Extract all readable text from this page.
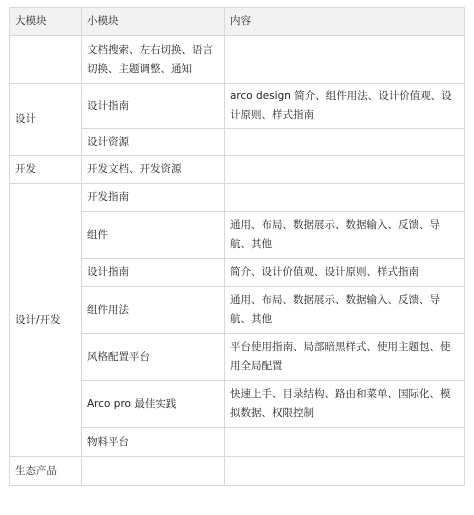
大模块	小模块	内容
	文档搜索、左右切换、语言切换、主题调整、通知	
设计	设计指南	arco design 简介、组件用法、设计价值观、设计原则、样式指南
	设计资源	
开发	开发文档、开发资源	
设计/开发	开发指南	
	组件	通用、布局、数据展示、数据输入、反馈、导航、其他
	设计指南	简介、设计价值观、设计原则、样式指南
	组件用法	通用、布局、数据展示、数据输入、反馈、导航、其他
	风格配置平台	平台使用指南、局部暗黑样式、使用主题包、使用全局配置
	Arco pro 最佳实践	快速上手、目录结构、路由和菜单、国际化、模拟数据、权限控制
	物料平台	
生态产品		
